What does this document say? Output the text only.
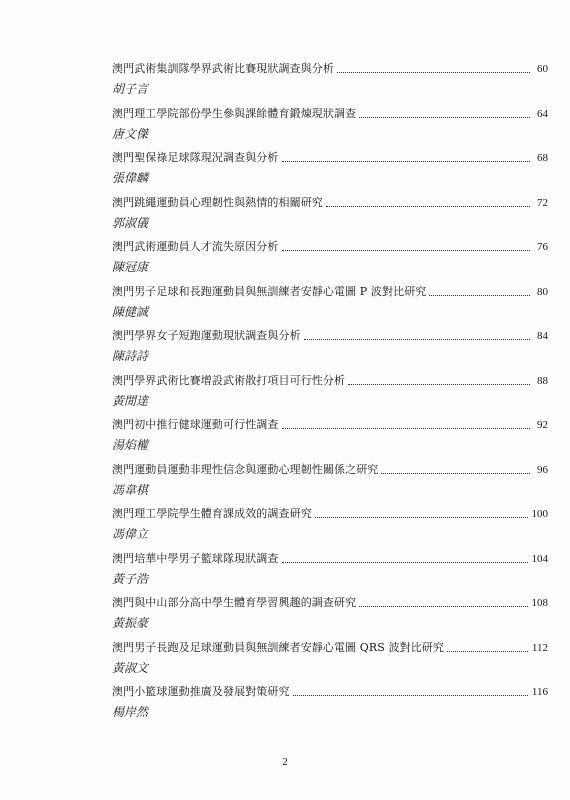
澳門武術集訓隊學界武術比賽現狀調查與分析	60
胡子言
澳門理工學院部份學生參與課餘體育鍛煉現狀調查	64
唐文傑
澳門聖保祿足球隊現況調查與分析	68
張偉麟
澳門跳繩運動員心理韌性與熱情的相關研究	72
郭淑儀
澳門武術運動員人才流失原因分析	76
陳冠康
澳門男子足球和長跑運動員與無訓練者安靜心電圖 P 波對比研究	80
陳健誠
澳門學界女子短跑運動現狀調查與分析	84
陳詩詩
澳門學界武術比賽增設武術散打項目可行性分析	88
黃閒達
澳門初中推行健球運動可行性調查	92
湯焰權
澳門運動員運動非理性信念與運動心理韌性關係之研究	96
馮韋棋
澳門理工學院學生體育課成效的調查研究	100
馮偉立
澳門培華中學男子籃球隊現狀調查	104
黃子浩
澳門與中山部分高中學生體育學習興趣的調查研究	108
黃振豪
澳門男子長跑及足球運動員與無訓練者安靜心電圖 QRS 波對比研究	112
黃淑文
澳門小籃球運動推廣及發展對策研究	116
楊岸然
2
